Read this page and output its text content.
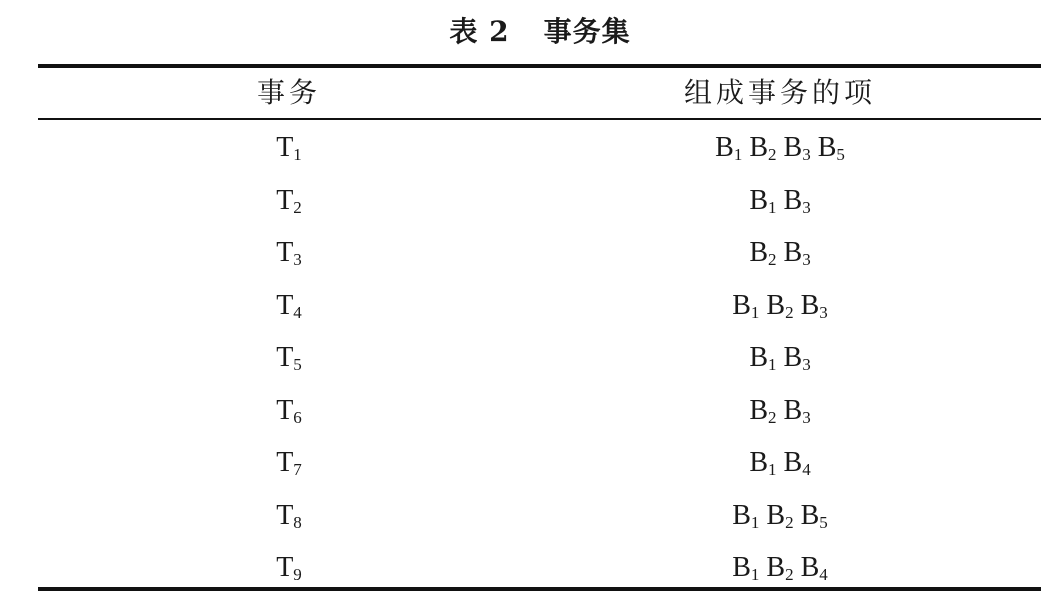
表 2 事务集
事务	组成事务的项
$T_1$	$B_1$ $B_2$ $B_3$ $B_5$
$T_2$	$B_1$ $B_3$
$T_3$	$B_2$ $B_3$
$T_4$	$B_1$ $B_2$ $B_3$
$T_5$	$B_1$ $B_3$
$T_6$	$B_2$ $B_3$
$T_7$	$B_1$ $B_4$
$T_8$	$B_1$ $B_2$ $B_5$
$T_9$	$B_1$ $B_2$ $B_4$
